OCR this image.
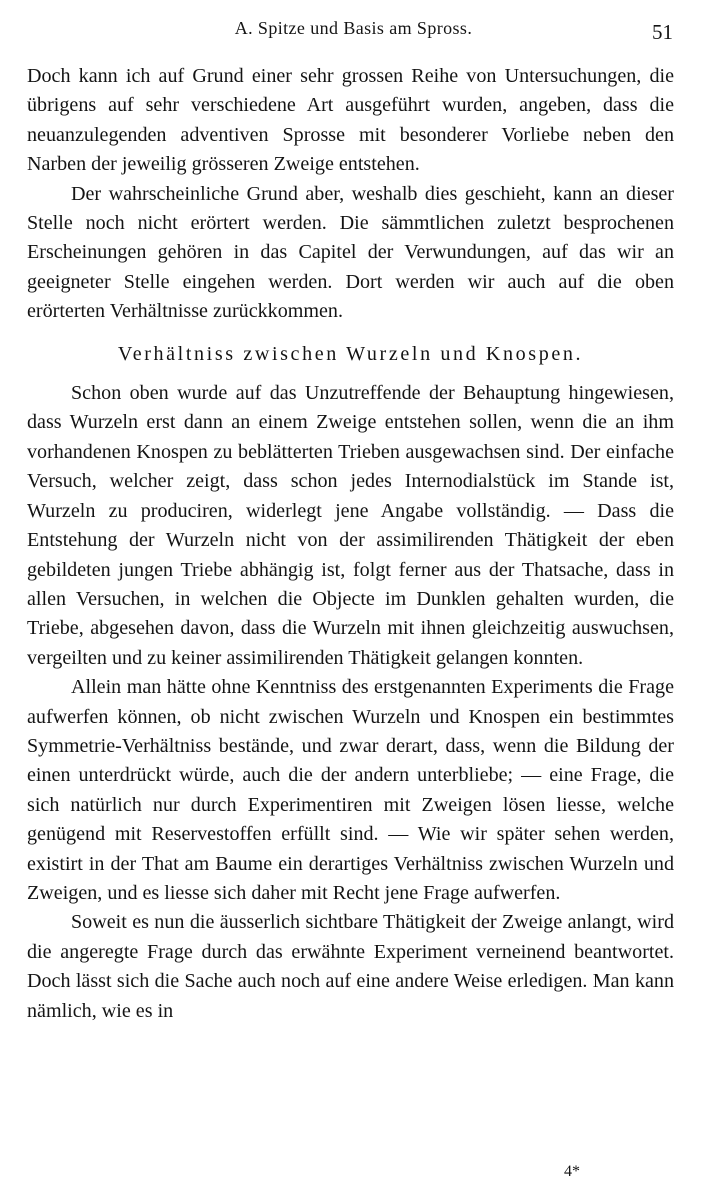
A. Spitze und Basis am Spross.	51

Doch kann ich auf Grund einer sehr grossen Reihe von Untersuchungen, die übrigens auf sehr verschiedene Art ausgeführt wurden, angeben, dass die neuanzulegenden adventiven Sprosse mit besonderer Vorliebe neben den Narben der jeweilig grösseren Zweige entstehen.

Der wahrscheinliche Grund aber, weshalb dies geschieht, kann an dieser Stelle noch nicht erörtert werden. Die sämmtlichen zuletzt besprochenen Erscheinungen gehören in das Capitel der Verwundungen, auf das wir an geeigneter Stelle eingehen werden. Dort werden wir auch auf die oben erörterten Verhältnisse zurückkommen.

Verhältniss zwischen Wurzeln und Knospen.

Schon oben wurde auf das Unzutreffende der Behauptung hingewiesen, dass Wurzeln erst dann an einem Zweige entstehen sollen, wenn die an ihm vorhandenen Knospen zu beblätterten Trieben ausgewachsen sind. Der einfache Versuch, welcher zeigt, dass schon jedes Internodialstück im Stande ist, Wurzeln zu produciren, widerlegt jene Angabe vollständig. — Dass die Entstehung der Wurzeln nicht von der assimilirenden Thätigkeit der eben gebildeten jungen Triebe abhängig ist, folgt ferner aus der Thatsache, dass in allen Versuchen, in welchen die Objecte im Dunklen gehalten wurden, die Triebe, abgesehen davon, dass die Wurzeln mit ihnen gleichzeitig auswuchsen, vergeilten und zu keiner assimilirenden Thätigkeit gelangen konnten.

Allein man hätte ohne Kenntniss des erstgenannten Experiments die Frage aufwerfen können, ob nicht zwischen Wurzeln und Knospen ein bestimmtes Symmetrie-Verhältniss bestände, und zwar derart, dass, wenn die Bildung der einen unterdrückt würde, auch die der andern unterbliebe; — eine Frage, die sich natürlich nur durch Experimentiren mit Zweigen lösen liesse, welche genügend mit Reservestoffen erfüllt sind. — Wie wir später sehen werden, existirt in der That am Baume ein derartiges Verhältniss zwischen Wurzeln und Zweigen, und es liesse sich daher mit Recht jene Frage aufwerfen.

Soweit es nun die äusserlich sichtbare Thätigkeit der Zweige anlangt, wird die angeregte Frage durch das erwähnte Experiment verneinend beantwortet. Doch lässt sich die Sache auch noch auf eine andere Weise erledigen. Man kann nämlich, wie es in

4*
